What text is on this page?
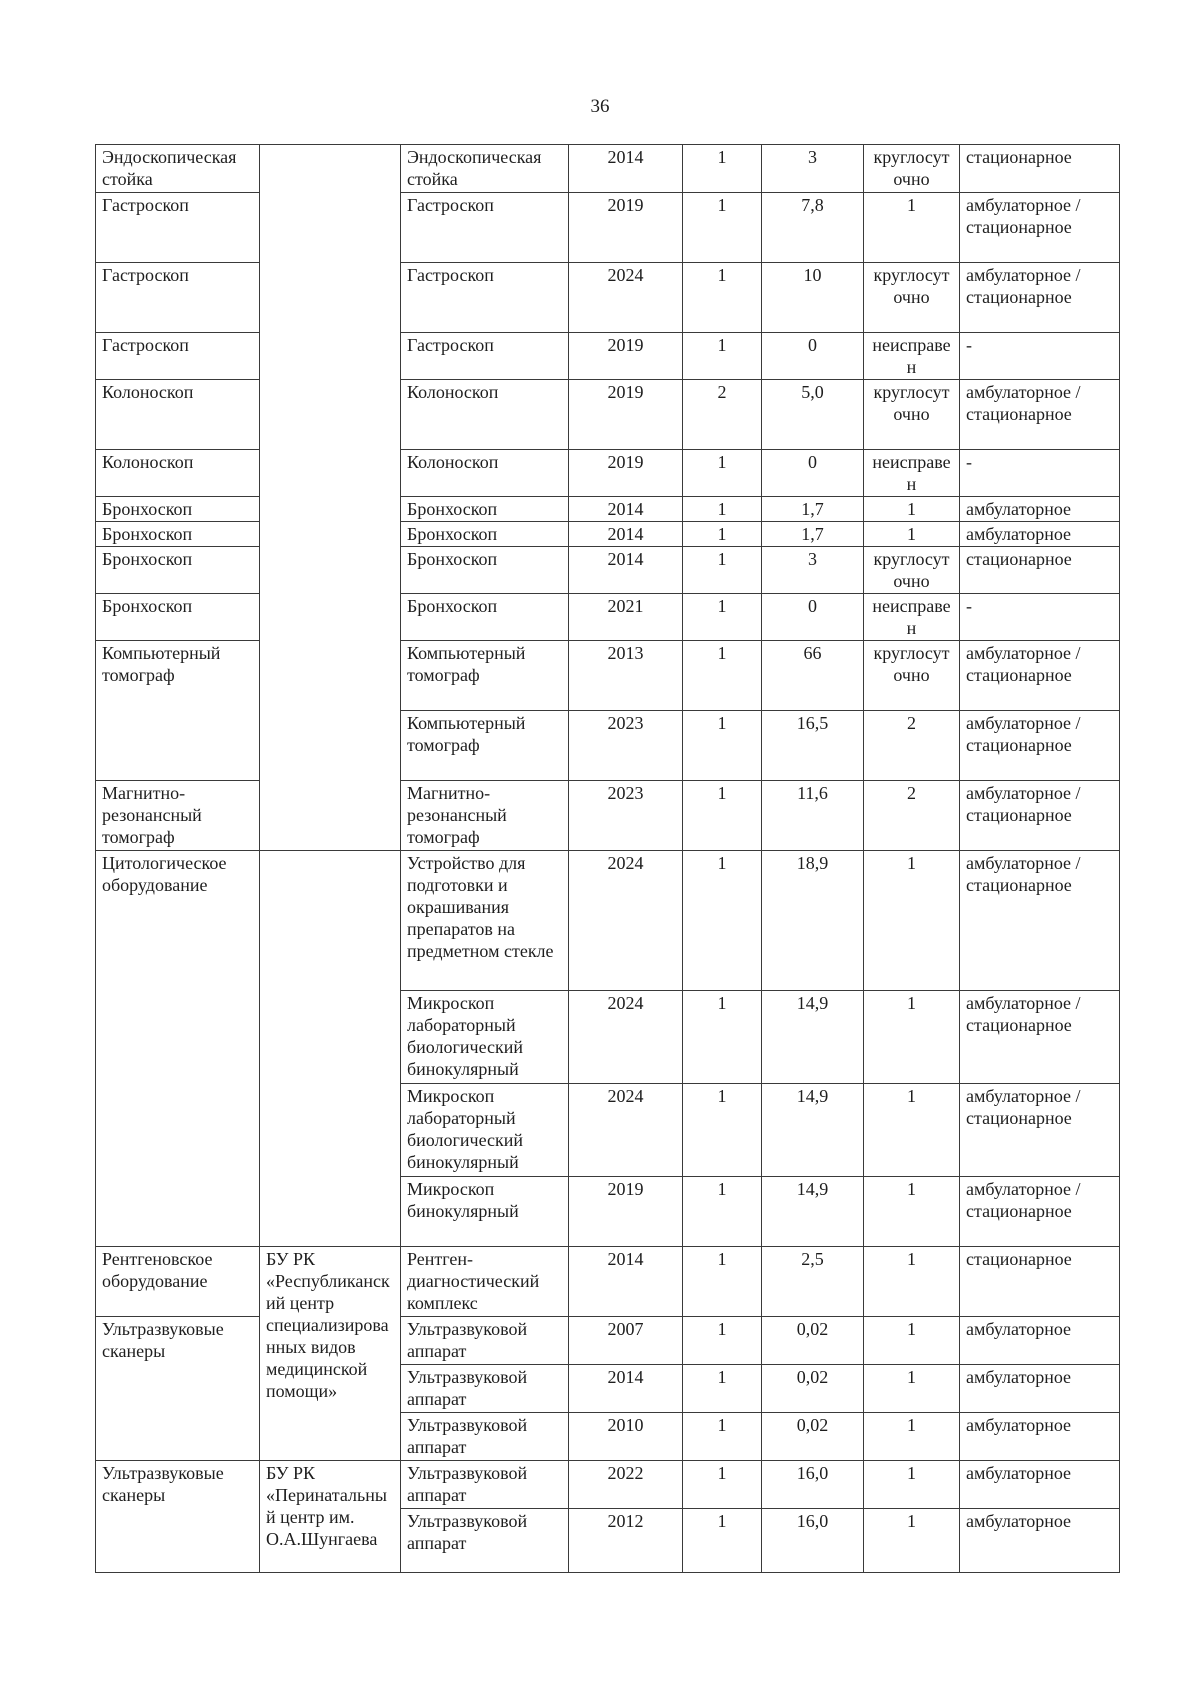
36
Эндоскопическая стойка		Эндоскопическая стойка	2014	1	3	круглосуточно	стационарное
Гастроскоп		Гастроскоп	2019	1	7,8	1	амбулаторное / стационарное
Гастроскоп		Гастроскоп	2024	1	10	круглосуточно	амбулаторное / стационарное
Гастроскоп		Гастроскоп	2019	1	0	неисправен	-
Колоноскоп		Колоноскоп	2019	2	5,0	круглосуточно	амбулаторное / стационарное
Колоноскоп		Колоноскоп	2019	1	0	неисправен	-
Бронхоскоп		Бронхоскоп	2014	1	1,7	1	амбулаторное
Бронхоскоп		Бронхоскоп	2014	1	1,7	1	амбулаторное
Бронхоскоп		Бронхоскоп	2014	1	3	круглосуточно	стационарное
Бронхоскоп		Бронхоскоп	2021	1	0	неисправен	-
Компьютерный томограф		Компьютерный томограф	2013	1	66	круглосуточно	амбулаторное / стационарное
		Компьютерный томограф	2023	1	16,5	2	амбулаторное / стационарное
Магнитно-резонансный томограф		Магнитно-резонансный томограф	2023	1	11,6	2	амбулаторное / стационарное
Цитологическое оборудование		Устройство для подготовки и окрашивания препаратов на предметном стекле	2024	1	18,9	1	амбулаторное / стационарное
		Микроскоп лабораторный биологический бинокулярный	2024	1	14,9	1	амбулаторное / стационарное
		Микроскоп лабораторный биологический бинокулярный	2024	1	14,9	1	амбулаторное / стационарное
		Микроскоп бинокулярный	2019	1	14,9	1	амбулаторное / стационарное
Рентгеновское оборудование	БУ РК «Республиканский центр специализированных видов медицинской помощи»	Рентген-диагностический комплекс	2014	1	2,5	1	стационарное
Ультразвуковые сканеры		Ультразвуковой аппарат	2007	1	0,02	1	амбулаторное
		Ультразвуковой аппарат	2014	1	0,02	1	амбулаторное
		Ультразвуковой аппарат	2010	1	0,02	1	амбулаторное
Ультразвуковые сканеры	БУ РК «Перинатальный центр им. О.А.Шунгаева	Ультразвуковой аппарат	2022	1	16,0	1	амбулаторное
		Ультразвуковой аппарат	2012	1	16,0	1	амбулаторное
